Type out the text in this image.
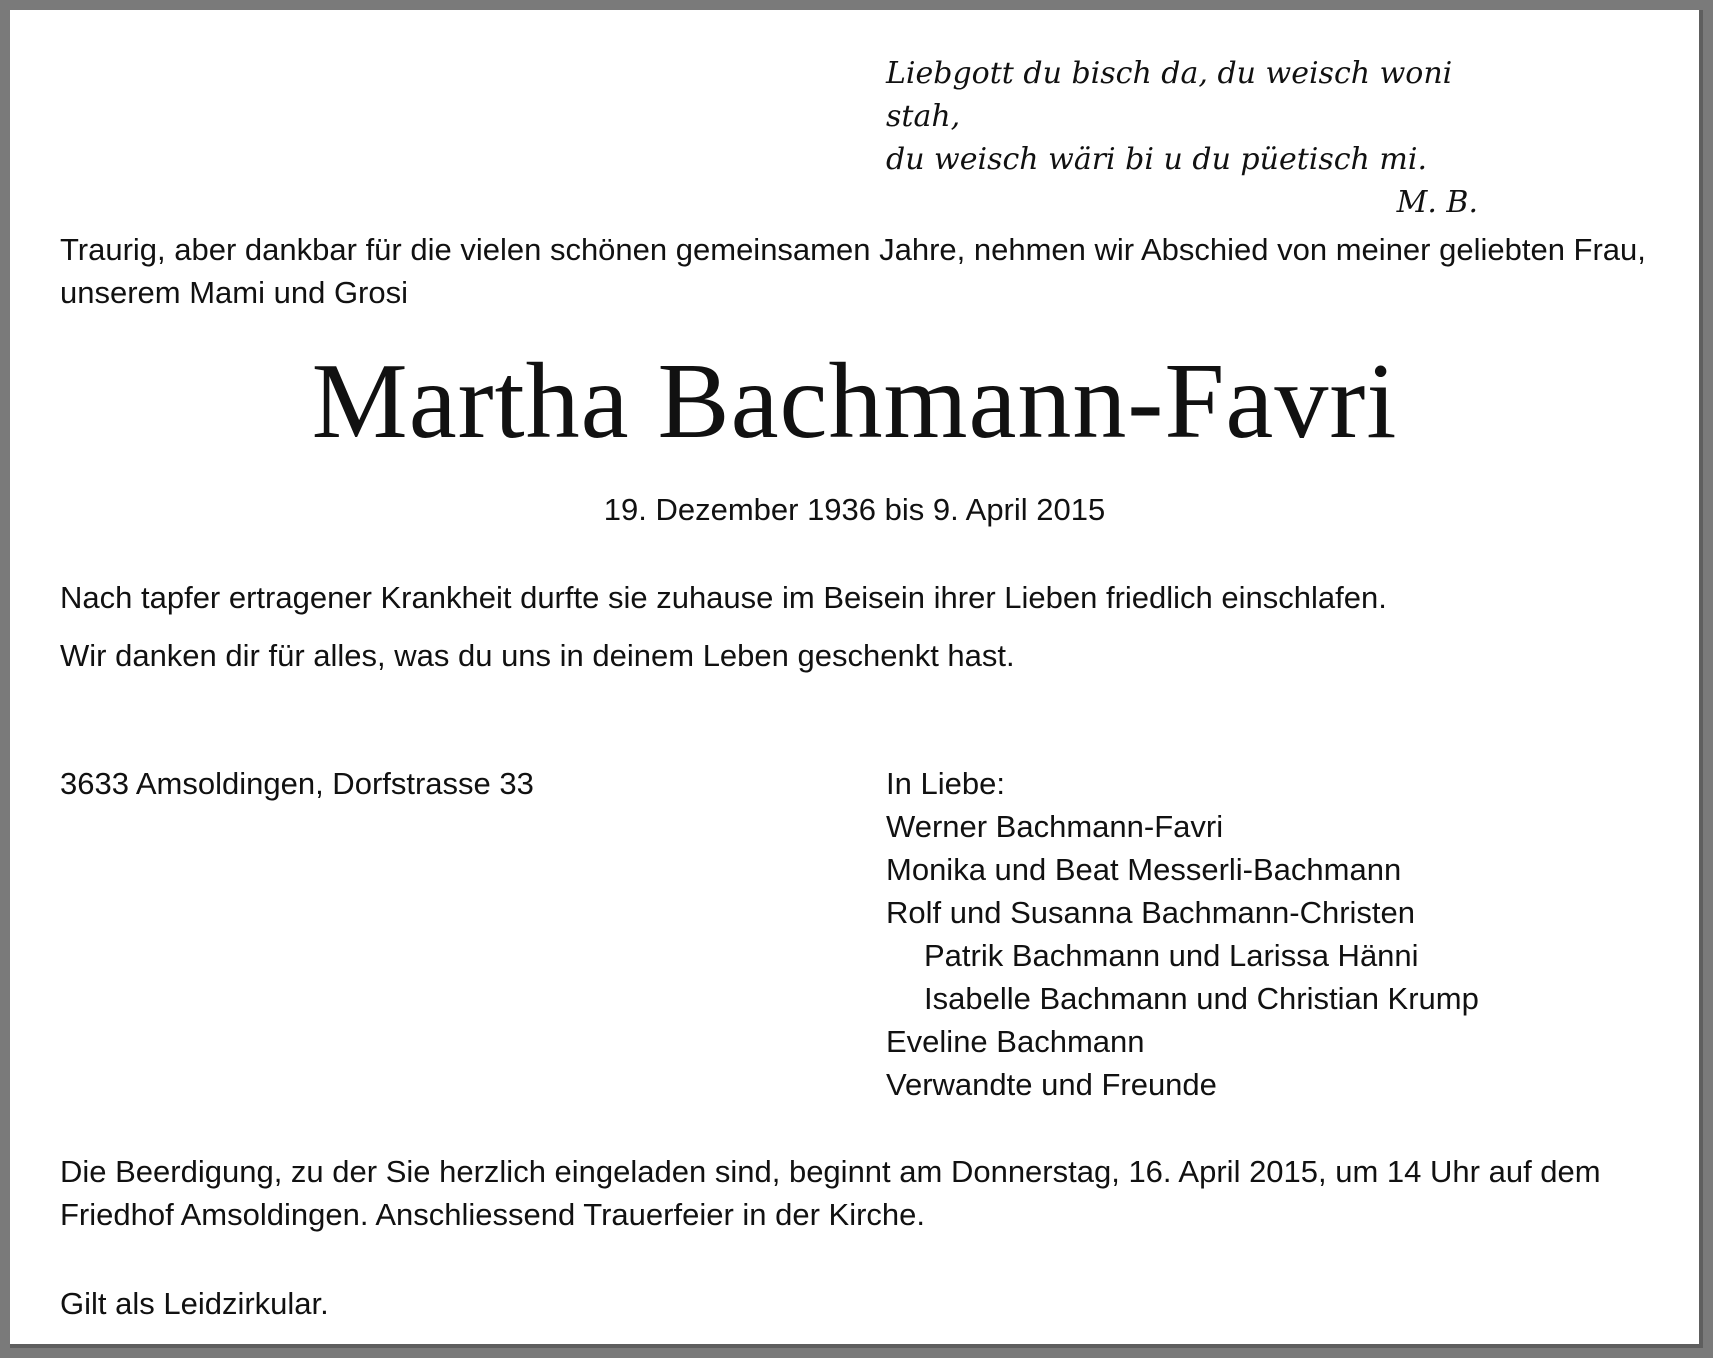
Liebgott du bisch da, du weisch woni stah,
du weisch wäri bi u du püetisch mi.

M. B.

Traurig, aber dankbar für die vielen schönen gemeinsamen Jahre, nehmen wir Abschied von meiner geliebten Frau, unserem Mami und Grosi

Martha Bachmann-Favri

19. Dezember 1936 bis 9. April 2015

Nach tapfer ertragener Krankheit durfte sie zuhause im Beisein ihrer Lieben friedlich einschlafen.

Wir danken dir für alles, was du uns in deinem Leben geschenkt hast.

3633 Amsoldingen, Dorfstrasse 33	In Liebe:
Werner Bachmann-Favri
Monika und Beat Messerli-Bachmann
Rolf und Susanna Bachmann-Christen
Patrik Bachmann und Larissa Hänni
Isabelle Bachmann und Christian Krump
Eveline Bachmann
Verwandte und Freunde

Die Beerdigung, zu der Sie herzlich eingeladen sind, beginnt am Donnerstag, 16. April 2015, um 14 Uhr auf dem Friedhof Amsoldingen. Anschliessend Trauerfeier in der Kirche.

Gilt als Leidzirkular.
